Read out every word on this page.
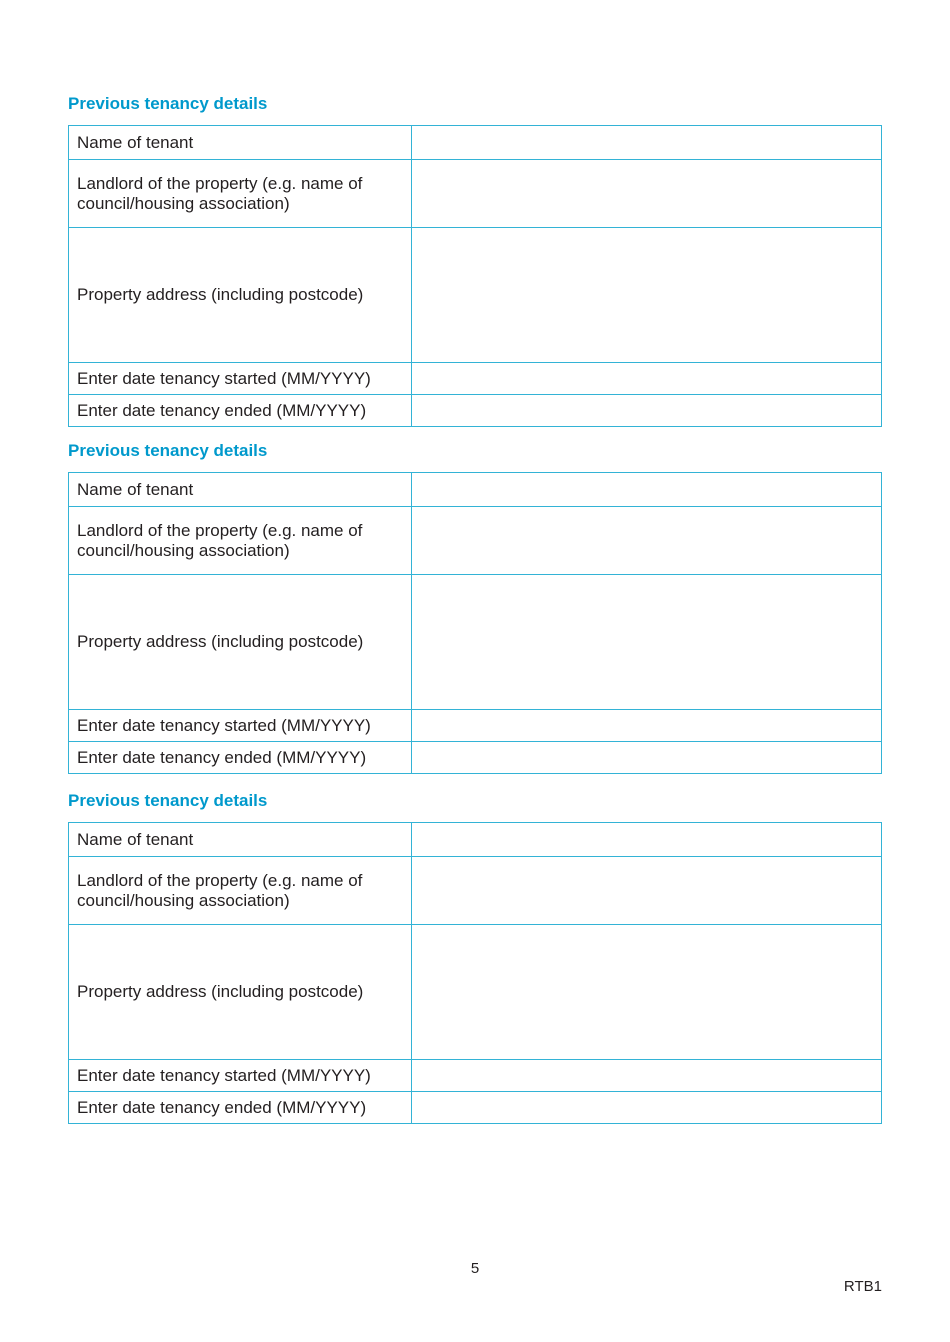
Previous tenancy details
Name of tenant	

Landlord of the property (e.g. name of council/housing association)	

Property address (including postcode)	

Enter date tenancy started (MM/YYYY)	

Enter date tenancy ended (MM/YYYY)	
Previous tenancy details
Name of tenant	

Landlord of the property (e.g. name of council/housing association)	

Property address (including postcode)	

Enter date tenancy started (MM/YYYY)	

Enter date tenancy ended (MM/YYYY)	
Previous tenancy details
Name of tenant	

Landlord of the property (e.g. name of council/housing association)	

Property address (including postcode)	

Enter date tenancy started (MM/YYYY)	

Enter date tenancy ended (MM/YYYY)	
5
RTB1
